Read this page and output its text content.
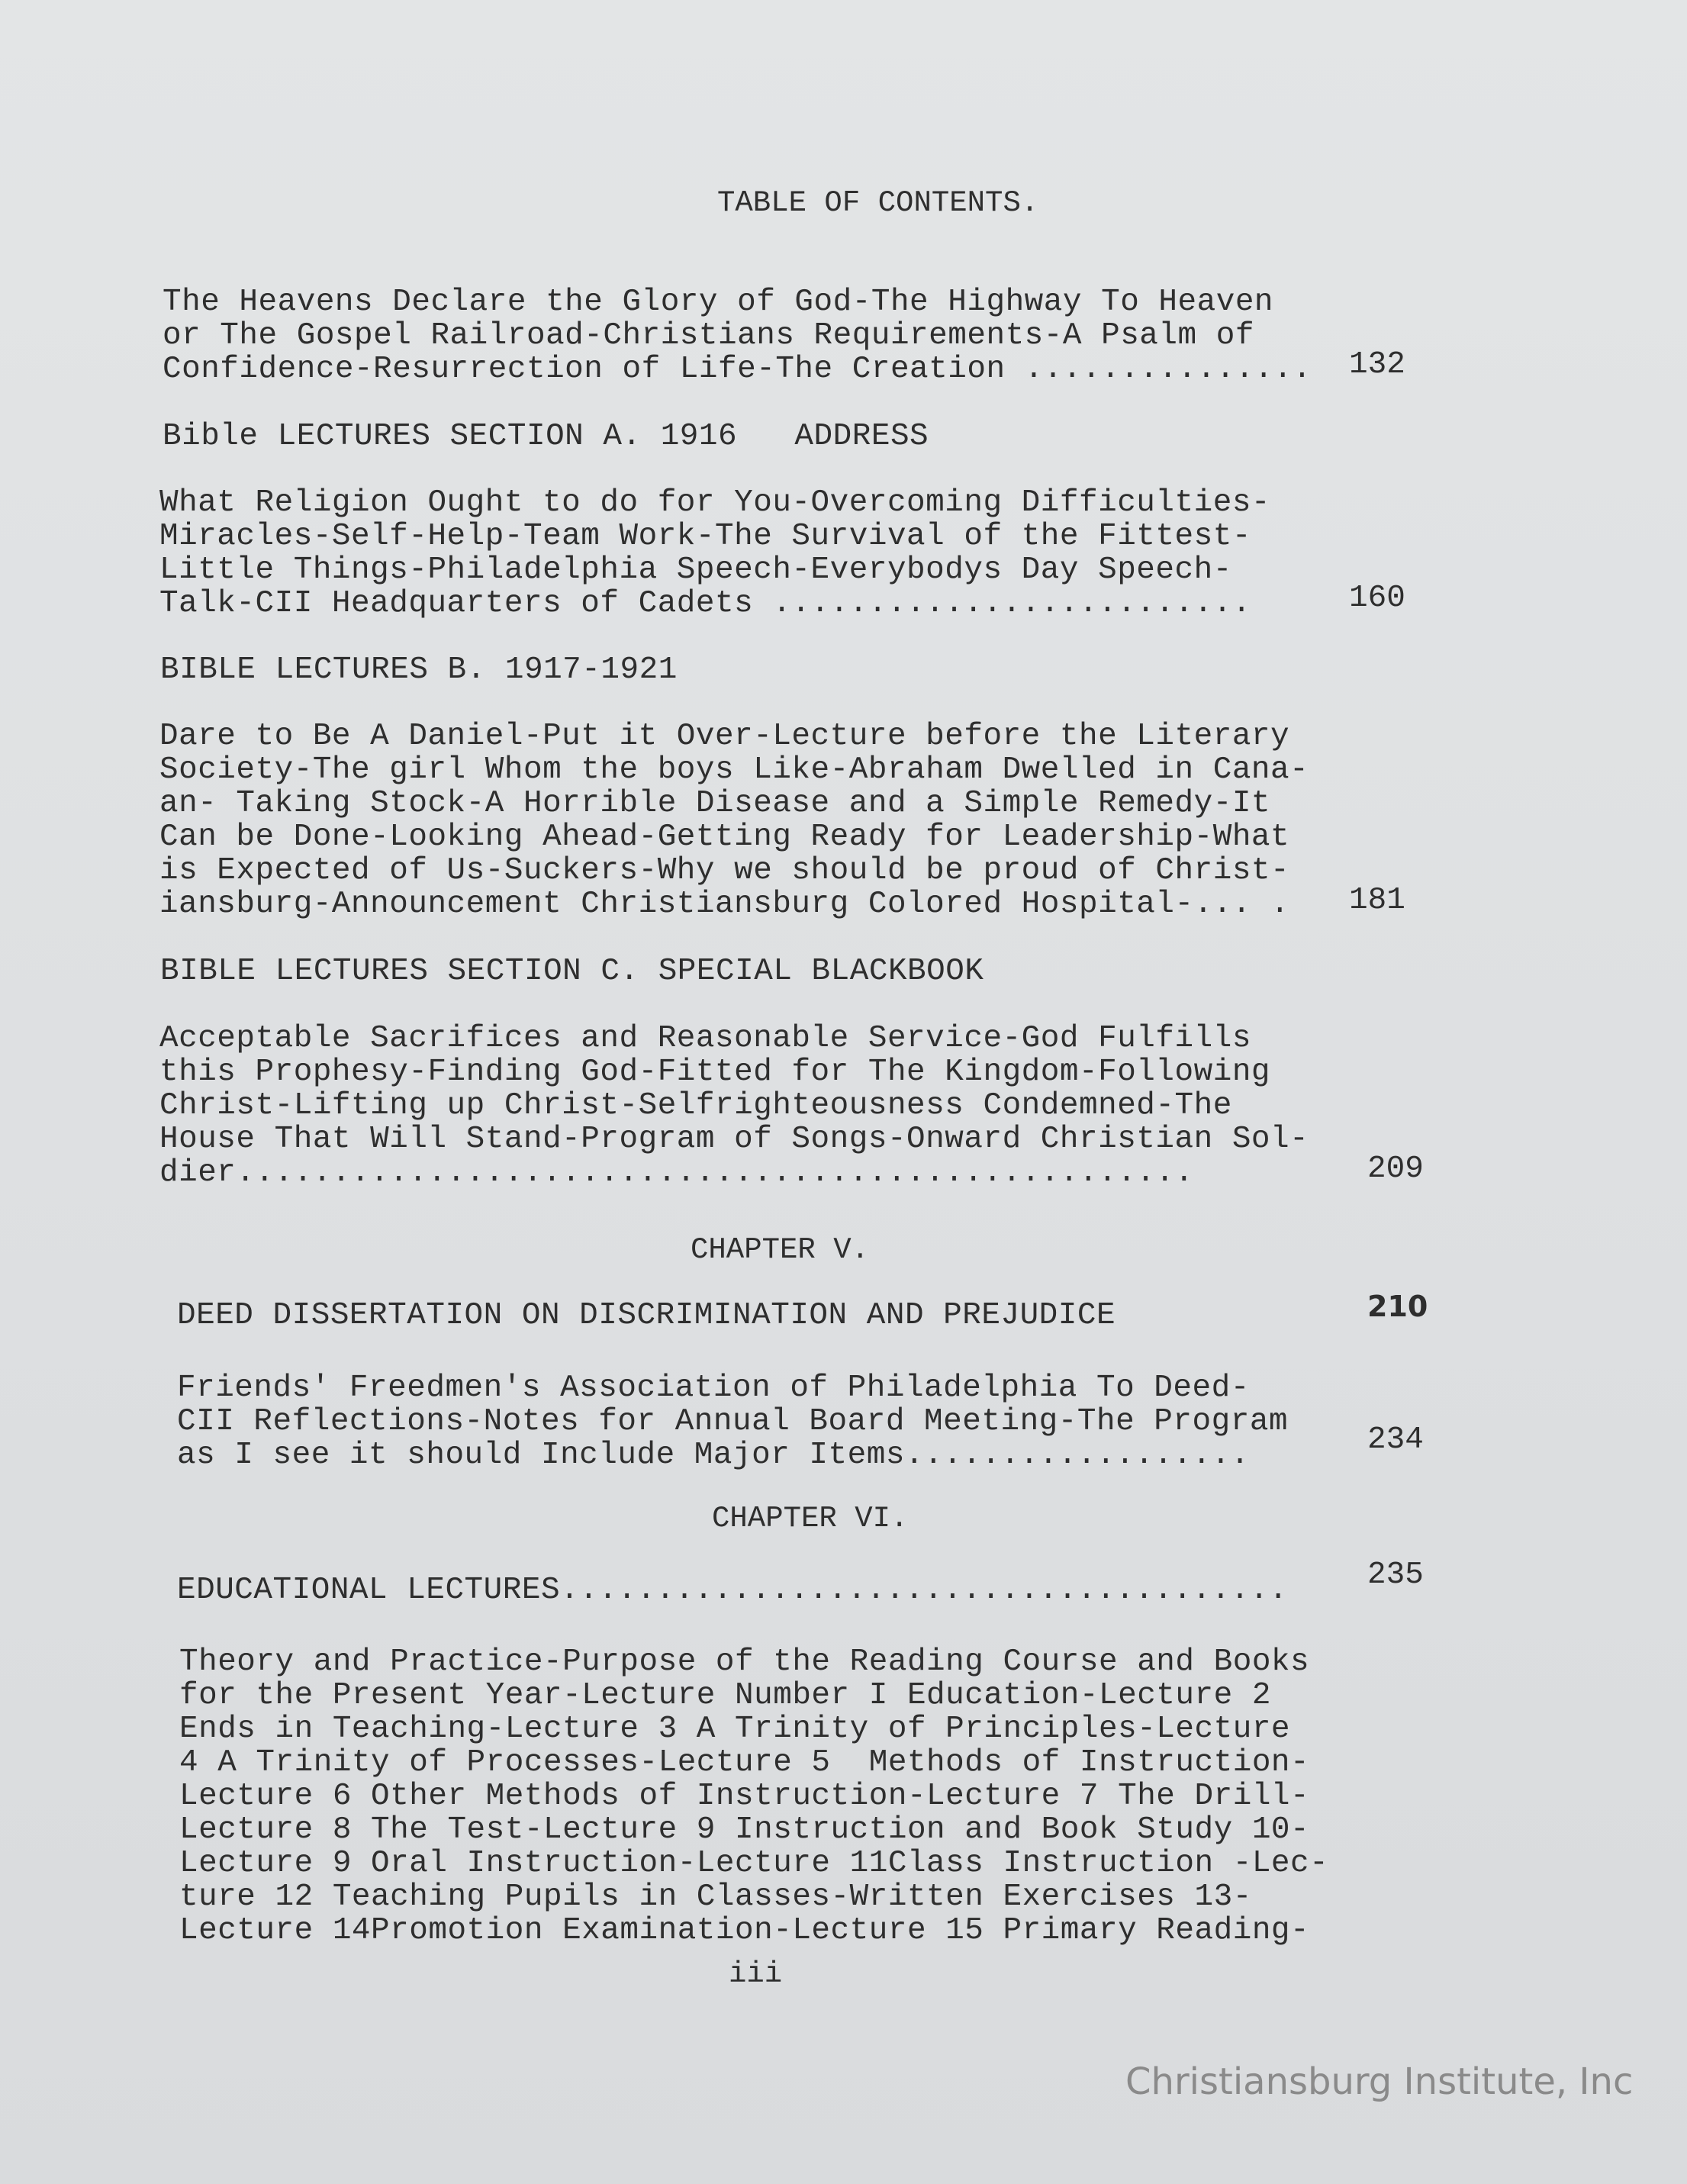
TABLE OF CONTENTS.
The Heavens Declare the Glory of God-The Highway To Heaven
or The Gospel Railroad-Christians Requirements-A Psalm of
Confidence-Resurrection of Life-The Creation ............... 132
Bible LECTURES SECTION A. 1916   ADDRESS
What Religion Ought to do for You-Overcoming Difficulties-
Miracles-Self-Help-Team Work-The Survival of the Fittest-
Little Things-Philadelphia Speech-Everybodys Day Speech-
Talk-CII Headquarters of Cadets .........................	160
BIBLE LECTURES B. 1917-1921
Dare to Be A Daniel-Put it Over-Lecture before the Literary
Society-The girl Whom the boys Like-Abraham Dwelled in Cana-
an- Taking Stock-A Horrible Disease and a Simple Remedy-It
Can be Done-Looking Ahead-Getting Ready for Leadership-What
is Expected of Us-Suckers-Why we should be proud of Christ-
iansburg-Announcement Christiansburg Colored Hospital-... . 181
BIBLE LECTURES SECTION C. SPECIAL BLACKBOOK
Acceptable Sacrifices and Reasonable Service-God Fulfills
this Prophesy-Finding God-Fitted for The Kingdom-Following
Christ-Lifting up Christ-Selfrighteousness Condemned-The
House That Will Stand-Program of Songs-Onward Christian Sol-
dier..................................................	209
CHAPTER V.
DEED DISSERTATION ON DISCRIMINATION AND PREJUDICE	210
Friends' Freedmen's Association of Philadelphia To Deed-
CII Reflections-Notes for Annual Board Meeting-The Program
as I see it should Include Major Items..................	234
CHAPTER VI.
EDUCATIONAL LECTURES......................................	235
Theory and Practice-Purpose of the Reading Course and Books
for the Present Year-Lecture Number I Education-Lecture 2
Ends in Teaching-Lecture 3 A Trinity of Principles-Lecture
4 A Trinity of Processes-Lecture 5  Methods of Instruction-
Lecture 6 Other Methods of Instruction-Lecture 7 The Drill-
Lecture 8 The Test-Lecture 9 Instruction and Book Study 10-
Lecture 9 Oral Instruction-Lecture 11Class Instruction -Lec-
ture 12 Teaching Pupils in Classes-Written Exercises 13-
Lecture 14Promotion Examination-Lecture 15 Primary Reading-
iii
Christiansburg Institute, Inc
